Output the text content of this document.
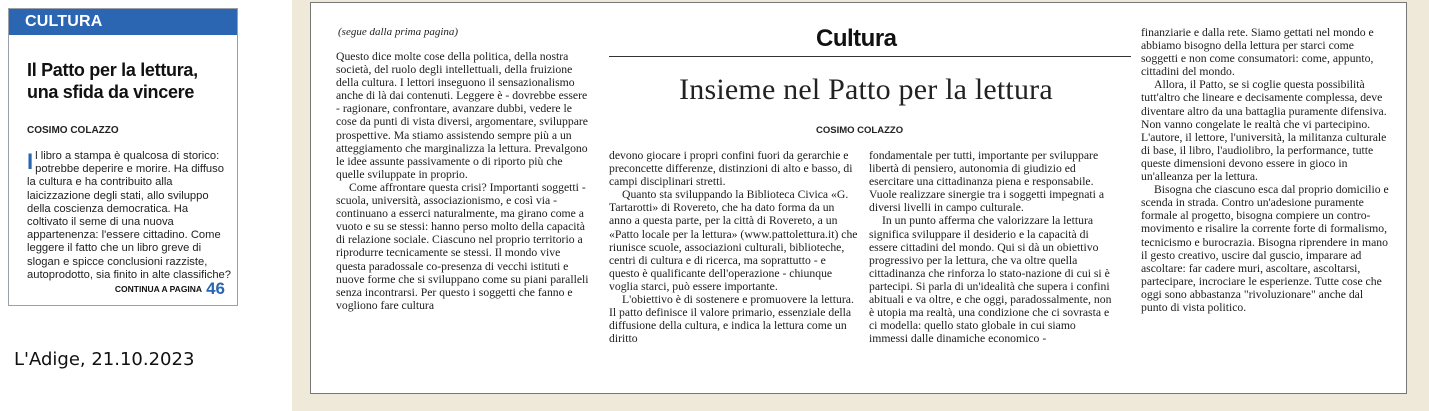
CULTURA
Il Patto per la lettura, una sfida da vincere
COSIMO COLAZZO
Il libro a stampa è qualcosa di storico: potrebbe deperire e morire. Ha diffuso la cultura e ha contribuito alla laicizzazione degli stati, allo sviluppo della coscienza democratica. Ha coltivato il seme di una nuova appartenenza: l'essere cittadino. Come leggere il fatto che un libro greve di slogan e spicce conclusioni razziste, autoprodotto, sia finito in alte classifiche?
CONTINUA A PAGINA 46
L'Adige, 21.10.2023
(segue dalla prima pagina)	Cultura
Insieme nel Patto per la lettura
COSIMO COLAZZO

Questo dice molte cose della politica, della nostra società, del ruolo degli intellettuali, della fruizione della cultura. I lettori inseguono il sensazionalismo anche di là dai contenuti. Leggere è - dovrebbe essere - ragionare, confrontare, avanzare dubbi, vedere le cose da punti di vista diversi, argomentare, sviluppare prospettive. Ma stiamo assistendo sempre più a un atteggiamento che marginalizza la lettura. Prevalgono le idee assunte passivamente o di riporto più che quelle sviluppate in proprio.

Come affrontare questa crisi? Importanti soggetti - scuola, università, associazionismo, e così via - continuano a esserci naturalmente, ma girano come a vuoto e su se stessi: hanno perso molto della capacità di relazione sociale. Ciascuno nel proprio territorio a riprodurre tecnicamente se stessi. Il mondo vive questa paradossale co-presenza di vecchi istituti e nuove forme che si sviluppano come su piani paralleli senza incontrarsi. Per questo i soggetti che fanno e vogliono fare cultura

devono giocare i propri confini fuori da gerarchie e preconcette differenze, distinzioni di alto e basso, di campi disciplinari stretti.

Quanto sta sviluppando la Biblioteca Civica «G. Tartarotti» di Rovereto, che ha dato forma da un anno a questa parte, per la città di Rovereto, a un «Patto locale per la lettura» (www.pattolettura.it) che riunisce scuole, associazioni culturali, biblioteche, centri di cultura e di ricerca, ma soprattutto - e questo è qualificante dell'operazione - chiunque voglia starci, può essere importante.

L'obiettivo è di sostenere e promuovere la lettura. Il patto definisce il valore primario, essenziale della diffusione della cultura, e indica la lettura come un diritto

fondamentale per tutti, importante per sviluppare libertà di pensiero, autonomia di giudizio ed esercitare una cittadinanza piena e responsabile. Vuole realizzare sinergie tra i soggetti impegnati a diversi livelli in campo culturale.

In un punto afferma che valorizzare la lettura significa sviluppare il desiderio e la capacità di essere cittadini del mondo. Qui si dà un obiettivo progressivo per la lettura, che va oltre quella cittadinanza che rinforza lo stato-nazione di cui si è partecipi. Si parla di un'idealità che supera i confini abituali e va oltre, e che oggi, paradossalmente, non è utopia ma realtà, una condizione che ci sovrasta e ci modella: quello stato globale in cui siamo immessi dalle dinamiche economico -

finanziarie e dalla rete. Siamo gettati nel mondo e abbiamo bisogno della lettura per starci come soggetti e non come consumatori: come, appunto, cittadini del mondo.

Allora, il Patto, se si coglie questa possibilità tutt'altro che lineare e decisamente complessa, deve diventare altro da una battaglia puramente difensiva. Non vanno congelate le realtà che vi partecipino. L'autore, il lettore, l'università, la militanza culturale di base, il libro, l'audiolibro, la performance, tutte queste dimensioni devono essere in gioco in un'alleanza per la lettura.

Bisogna che ciascuno esca dal proprio domicilio e scenda in strada. Contro un'adesione puramente formale al progetto, bisogna compiere un contro-movimento e risalire la corrente forte di formalismo, tecnicismo e burocrazia. Bisogna riprendere in mano il gesto creativo, uscire dal guscio, imparare ad ascoltare: far cadere muri, ascoltare, ascoltarsi, partecipare, incrociare le esperienze. Tutte cose che oggi sono abbastanza "rivoluzionare" anche dal punto di vista politico.
